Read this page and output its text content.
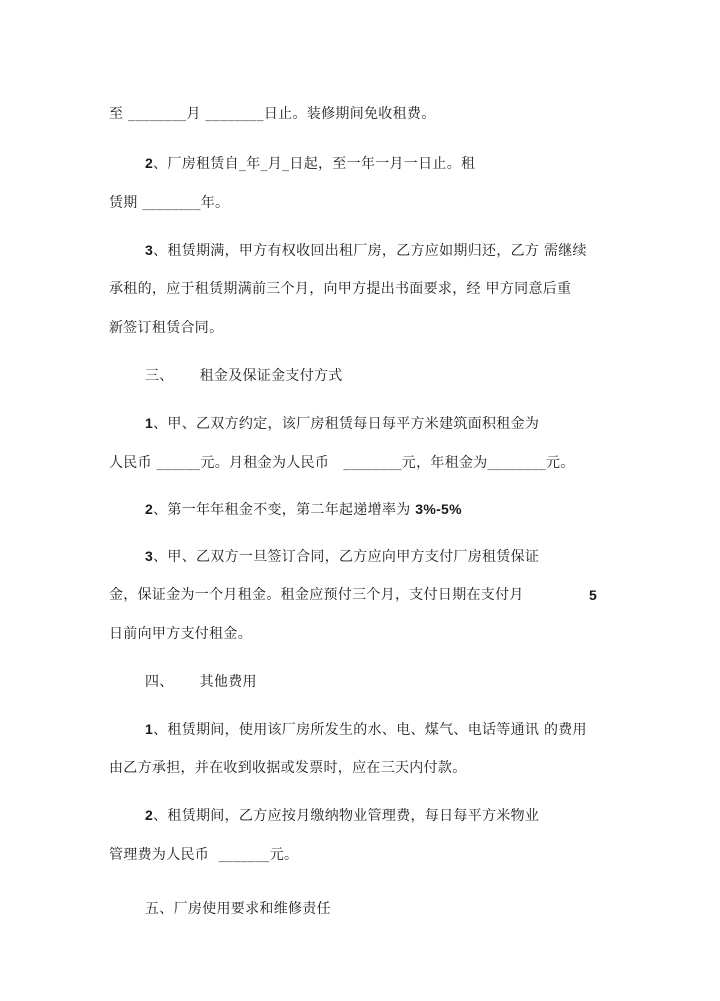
至 ________月 ________日止。装修期间免收租费。
2、厂房租赁自_年_月_日起，至一年一月一日止。租
赁期 ________年。
3、租赁期满，甲方有权收回出租厂房，乙方应如期归还，乙方 需继续
承租的，应于租赁期满前三个月，向甲方提出书面要求，经 甲方同意后重
新签订租赁合同。
三、 租金及保证金支付方式
1、甲、乙双方约定，该厂房租赁每日每平方米建筑面积租金为
人民币 ______元。月租金为人民币   ________元，年租金为________元。
2、第一年年租金不变，第二年起递增率为 3%-5%
3、甲、乙双方一旦签订合同，乙方应向甲方支付厂房租赁保证
金，保证金为一个月租金。租金应预付三个月，支付日期在支付月	5
日前向甲方支付租金。
四、 其他费用
1、租赁期间，使用该厂房所发生的水、电、煤气、电话等通讯 的费用
由乙方承担，并在收到收据或发票时，应在三天内付款。
2、租赁期间，乙方应按月缴纳物业管理费，每日每平方米物业
管理费为人民币  _______元。
五、厂房使用要求和维修责任
